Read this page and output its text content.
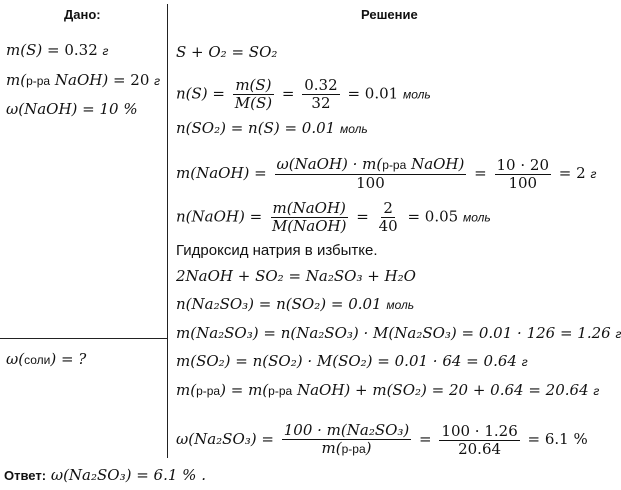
Дано:	Решение
m(S) = 0.32 г
m(р-ра NaOH) = 20 г
ω(NaOH) = 10 %
ω(соли) = ?
S + O₂ = SO₂
$n(S) = \frac{m(S)}{M(S)} = \frac{0.32}{32} = 0.01$ моль
n(SO₂) = n(S) = 0.01 моль
m(NaOH) = $\frac{\text{ω(NaOH) · m(р-ра NaOH)}}{100} = \frac{10 \cdot 20}{100} = 2$ г
n(NaOH) = $\frac{\text{m(NaOH)}}{\text{M(NaOH)}} = \frac{2}{40} = 0.05$ моль
Гидроксид натрия в избытке.
2NaOH + SO₂ = Na₂SO₃ + H₂O
n(Na₂SO₃) = n(SO₂) = 0.01 моль
m(Na₂SO₃) = n(Na₂SO₃) · M(Na₂SO₃) = 0.01 · 126 = 1.26 г
m(SO₂) = n(SO₂) · M(SO₂) = 0.01 · 64 = 0.64 г
m(р-ра) = m(р-ра NaOH) + m(SO₂) = 20 + 0.64 = 20.64 г
$\omega(Na_2SO_3) = \frac{\text{100 · m(Na₂SO₃)}}{m(р-ра)} = \frac{100 \cdot 1.26}{20.64} = 6.1$ %
Ответ: ω(Na₂SO₃) = 6.1 % .
